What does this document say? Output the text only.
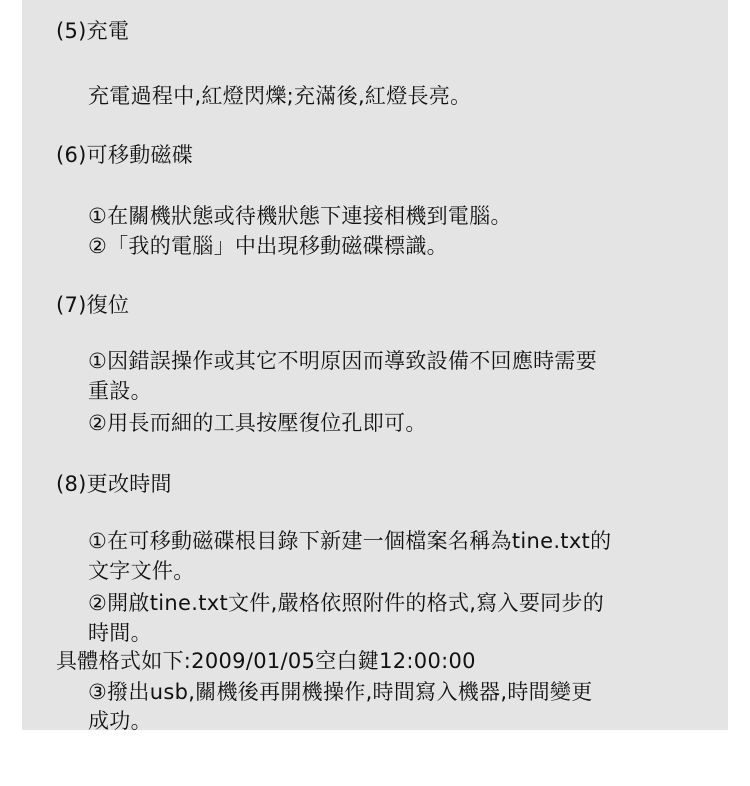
(5)充電
充電過程中,紅燈閃爍;充滿後,紅燈長亮。
(6)可移動磁碟
①在關機狀態或待機狀態下連接相機到電腦。
②「我的電腦」中出現移動磁碟標識。
(7)復位
①因錯誤操作或其它不明原因而導致設備不回應時需要
重設。
②用長而細的工具按壓復位孔即可。
(8)更改時間
①在可移動磁碟根目錄下新建一個檔案名稱為tine.txt的
文字文件。
②開啟tine.txt文件,嚴格依照附件的格式,寫入要同步的
時間。
具體格式如下:2009/01/05空白鍵12:00:00
③撥出usb,關機後再開機操作,時間寫入機器,時間變更
成功。
